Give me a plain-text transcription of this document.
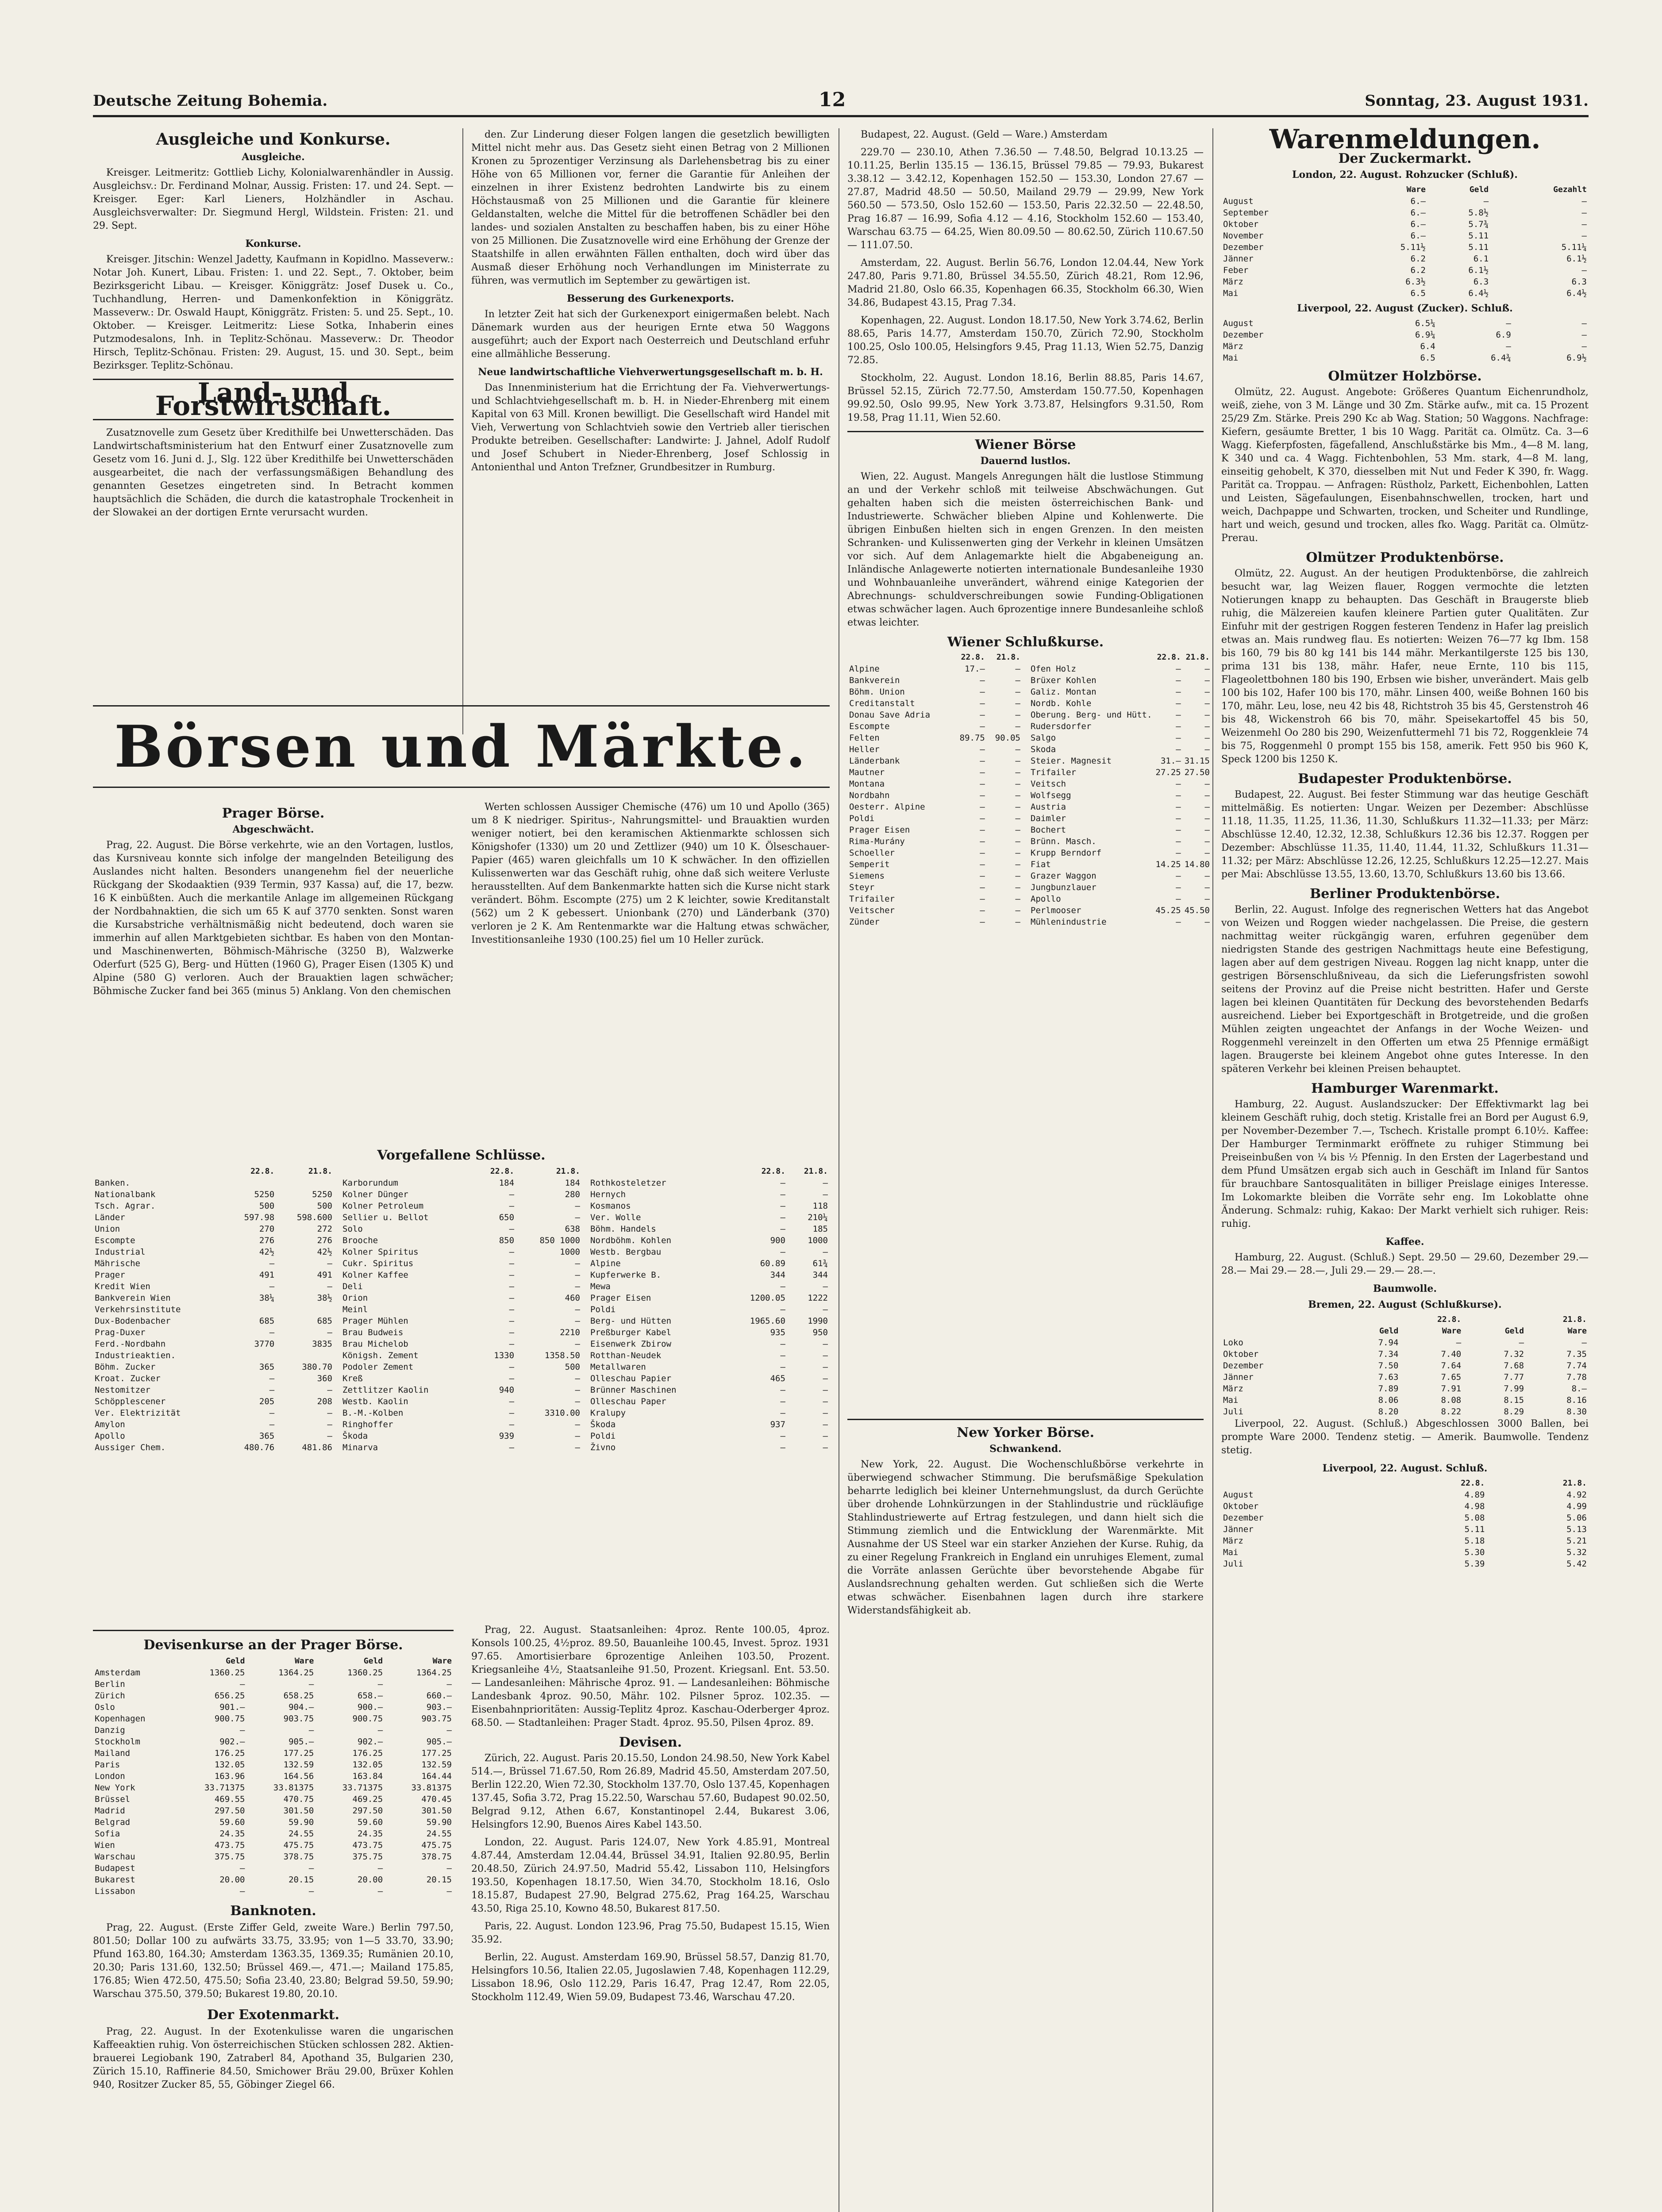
Deutsche Zeitung Bohemia.	12	Sonntag, 23. August 1931.
Ausgleiche und Konkurse.
Ausgleiche.

Kreisger. Leitmeritz: Gottlieb Lichy, Kolonialwarenhändler in Aussig. Ausgleichsv.: Dr. Ferdinand Molnar, Aussig. Fristen: 17. und 24. Sept. — Kreisger. Eger: Karl Lieners, Holzhändler in Aschau. Ausgleichsverwalter: Dr. Siegmund Hergl, Wildstein. Fristen: 21. und 29. Sept.

Konkurse.

Kreisger. Jitschin: Wenzel Jadetty, Kaufmann in Kopidlno. Masseverw.: Notar Joh. Kunert, Libau. Fristen: 1. und 22. Sept., 7. Oktober, beim Bezirksgericht Libau. — Kreisger. Königgrätz: Josef Dusek u. Co., Tuchhandlung, Herren- und Damenkonfektion in Königgrätz. Masseverw.: Dr. Oswald Haupt, Königgrätz. Fristen: 5. und 25. Sept., 10. Oktober. — Kreisger. Leitmeritz: Liese Sotka, Inhaberin eines Putzmodesalons, Inh. in Teplitz-Schönau. Masseverw.: Dr. Theodor Hirsch, Teplitz-Schönau. Fristen: 29. August, 15. und 30. Sept., beim Bezirksger. Teplitz-Schönau.

Land- und Forstwirtschaft.

Zusatznovelle zum Gesetz über Kredithilfe bei Unwetterschäden. Das Landwirtschaftsministerium hat den Entwurf einer Zusatznovelle zum Gesetz vom 16. Juni d. J., Slg. 122 über Kredithilfe bei Unwetterschäden ausgearbeitet, die nach der verfassungsmäßigen Behandlung des genannten Gesetzes eingetreten sind. In Betracht kommen hauptsächlich die Schäden, die durch die katastrophale Trockenheit in der Slowakei an der dortigen Ernte verursacht wurden.

den. Zur Linderung dieser Folgen langen die gesetzlich bewilligten Mittel nicht mehr aus. Das Gesetz sieht einen Betrag von 2 Millionen Kronen zu 5prozentiger Verzinsung als Darlehensbetrag bis zu einer Höhe von 65 Millionen vor, ferner die Garantie für Anleihen der einzelnen in ihrer Existenz bedrohten Landwirte bis zu einem Höchstausmaß von 25 Millionen und die Garantie für kleinere Geldanstalten, welche die Mittel für die betroffenen Schädler bei den landes- und sozialen Anstalten zu beschaffen haben, bis zu einer Höhe von 25 Millionen. Die Zusatznovelle wird eine Erhöhung der Grenze der Staatshilfe in allen erwähnten Fällen enthalten, doch wird über das Ausmaß dieser Erhöhung noch Verhandlungen im Ministerrate zu führen, was vermutlich im September zu gewärtigen ist.

Besserung des Gurkenexports.

In letzter Zeit hat sich der Gurkenexport einigermaßen belebt. Nach Dänemark wurden aus der heurigen Ernte etwa 50 Waggons ausgeführt; auch der Export nach Oesterreich und Deutschland erfuhr eine allmähliche Besserung.

Neue landwirtschaftliche Viehverwertungsgesellschaft m. b. H.

Das Innenministerium hat die Errichtung der Fa. Viehverwertungs- und Schlachtviehgesellschaft m. b. H. in Nieder-Ehrenberg mit einem Kapital von 63 Mill. Kronen bewilligt. Die Gesellschaft wird Handel mit Vieh, Verwertung von Schlachtvieh sowie den Vertrieb aller tierischen Produkte betreiben. Gesellschafter: Landwirte: J. Jahnel, Adolf Rudolf und Josef Schubert in Nieder-Ehrenberg, Josef Schlossig in Antonienthal und Anton Trefzner, Grundbesitzer in Rumburg.

Börsen und Märkte.
Prager Börse.
Abgeschwächt.

Prag, 22. August. Die Börse verkehrte, wie an den Vortagen, lustlos, das Kursniveau konnte sich infolge der mangelnden Beteiligung des Auslandes nicht halten. Besonders unangenehm fiel der neuerliche Rückgang der Skodaaktien (939 Termin, 937 Kassa) auf, die 17, bezw. 16 K einbüßten. Auch die merkantile Anlage im allgemeinen Rückgang der Nordbahnaktien, die sich um 65 K auf 3770 senkten. Sonst waren die Kursabstriche verhältnismäßig nicht bedeutend, doch waren sie immerhin auf allen Marktgebieten sichtbar. Es haben von den Montan- und Maschinenwerten, Böhmisch-Mährische (3250 B), Walzwerke Oderfurt (525 G), Berg- und Hütten (1960 G), Prager Eisen (1305 K) und Alpine (580 G) verloren. Auch der Brauaktien lagen schwächer; Böhmische Zucker fand bei 365 (minus 5) Anklang. Von den chemischen

Werten schlossen Aussiger Chemische (476) um 10 und Apollo (365) um 8 K niedriger. Spiritus-, Nahrungsmittel- und Brauaktien wurden weniger notiert, bei den keramischen Aktienmarkte schlossen sich Königshofer (1330) um 20 und Zettlizer (940) um 10 K. Ölseschauer-Papier (465) waren gleichfalls um 10 K schwächer. In den offiziellen Kulissenwerten war das Geschäft ruhig, ohne daß sich weitere Verluste herausstellten. Auf dem Bankenmarkte hatten sich die Kurse nicht stark verändert. Böhm. Escompte (275) um 2 K leichter, sowie Kreditanstalt (562) um 2 K gebessert. Unionbank (270) und Länderbank (370) verloren je 2 K. Am Rentenmarkte war die Haltung etwas schwächer, Investitionsanleihe 1930 (100.25) fiel um 10 Heller zurück.

Vorgefallene Schlüsse.
	22.8.	21.8.
Banken.		
Nationalbank	5250	5250
Tsch. Agrar.	500	500
Länder	597.98	598.600
Union	270	272
Escompte	276	276
Industrial	42½	42½
Mährische	—	—
Prager	491	491
Kredit Wien	—	—
Bankverein Wien	38¼	38½
Verkehrsinstitute		
Dux-Bodenbacher	685	685
Prag-Duxer	—	—
Ferd.-Nordbahn	3770	3835
Industrieaktien.		
Böhm. Zucker	365	380.70
Kroat. Zucker	—	360
Nestomitzer	—	—
Schöpplescener	205	208
Ver. Elektrizität	—	—
Amylon	—	—
Apollo	365	—
Aussiger Chem.	480.76	481.86
	22.8.	21.8.
Karborundum	184	184
Kolner Dünger	—	280
Kolner Petroleum	—	—
Sellier u. Bellot	650	—
Solo	—	638
Brooche	850	850 1000
Kolner Spiritus	—	1000
Cukr. Spiritus	—	—
Kolner Kaffee	—	—
Deli	—	—
Orion	—	460
Meinl	—	—
Prager Mühlen	—	—
Brau Budweis	—	2210
Brau Michelob	—	—
Königsh. Zement	1330	1358.50
Podoler Zement	—	500
Kreß	—	—
Zettlitzer Kaolin	940	—
Westb. Kaolin	—	—
B.-M.-Kolben	—	3310.00
Ringhoffer	—	—
Škoda	939	—
Minarva	—	—
	22.8.	21.8.
Rothkosteletzer	—	—
Hernych	—	—
Kosmanos	—	118
Ver. Wolle	—	210¼
Böhm. Handels	—	185
Nordböhm. Kohlen	900	1000
Westb. Bergbau	—	—
Alpine	60.89	61¾
Kupferwerke B.	344	344
Mewa	—	—
Prager Eisen	1200.05	1222
Poldi	—	—
Berg- und Hütten	1965.60	1990
Preßburger Kabel	935	950
Eisenwerk Zbirow	—	—
Rotthan-Neudek	—	—
Metallwaren	—	—
Olleschau Papier	465	—
Brünner Maschinen	—	—
Olleschau Paper	—	—
Kralupy	—	—
Škoda	937	—
Poldi	—	—
Živno	—	—
Devisenkurse an der Prager Börse.
	Geld	Ware	Geld	Ware
Amsterdam	1360.25	1364.25	1360.25	1364.25
Berlin	—	—	—	—
Zürich	656.25	658.25	658.—	660.—
Oslo	901.—	904.—	900.—	903.—
Kopenhagen	900.75	903.75	900.75	903.75
Danzig	—	—	—	—
Stockholm	902.—	905.—	902.—	905.—
Mailand	176.25	177.25	176.25	177.25
Paris	132.05	132.59	132.05	132.59
London	163.96	164.56	163.84	164.44
New York	33.71375	33.81375	33.71375	33.81375
Brüssel	469.55	470.75	469.25	470.45
Madrid	297.50	301.50	297.50	301.50
Belgrad	59.60	59.90	59.60	59.90
Sofia	24.35	24.55	24.35	24.55
Wien	473.75	475.75	473.75	475.75
Warschau	375.75	378.75	375.75	378.75
Budapest	—	—	—	—
Bukarest	20.00	20.15	20.00	20.15
Lissabon	—	—	—	—
Banknoten.

Prag, 22. August. (Erste Ziffer Geld, zweite Ware.) Berlin 797.50, 801.50; Dollar 100 zu aufwärts 33.75, 33.95; von 1—5 33.70, 33.90; Pfund 163.80, 164.30; Amsterdam 1363.35, 1369.35; Rumänien 20.10, 20.30; Paris 131.60, 132.50; Brüssel 469.—, 471.—; Mailand 175.85, 176.85; Wien 472.50, 475.50; Sofia 23.40, 23.80; Belgrad 59.50, 59.90; Warschau 375.50, 379.50; Bukarest 19.80, 20.10.

Der Exotenmarkt.

Prag, 22. August. In der Exotenkulisse waren die ungarischen Kaffeeaktien ruhig. Von österreichischen Stücken schlossen 282. Aktien-brauerei Legiobank 190, Zatraberl 84, Apothand 35, Bulgarien 230, Zürich 15.10, Raffinerie 84.50, Smichower Bräu 29.00, Brüxer Kohlen 940, Rositzer Zucker 85, 55, Göbinger Ziegel 66.

Prag, 22. August. Staatsanleihen: 4proz. Rente 100.05, 4proz. Konsols 100.25, 4½proz. 89.50, Bauanleihe 100.45, Invest. 5proz. 1931 97.65. Amortisierbare 6prozentige Anleihen 103.50, Prozent. Kriegsanleihe 4½, Staatsanleihe 91.50, Prozent. Kriegsanl. Ent. 53.50. — Landesanleihen: Mährische 4proz. 91. — Landesanleihen: Böhmische Landesbank 4proz. 90.50, Mähr. 102. Pilsner 5proz. 102.35. — Eisenbahnprioritäten: Aussig-Teplitz 4proz. Kaschau-Oderberger 4proz. 68.50. — Stadtanleihen: Prager Stadt. 4proz. 95.50, Pilsen 4proz. 89.

Devisen.

Zürich, 22. August. Paris 20.15.50, London 24.98.50, New York Kabel 514.—, Brüssel 71.67.50, Rom 26.89, Madrid 45.50, Amsterdam 207.50, Berlin 122.20, Wien 72.30, Stockholm 137.70, Oslo 137.45, Kopenhagen 137.45, Sofia 3.72, Prag 15.22.50, Warschau 57.60, Budapest 90.02.50, Belgrad 9.12, Athen 6.67, Konstantinopel 2.44, Bukarest 3.06, Helsingfors 12.90, Buenos Aires Kabel 143.50.

London, 22. August. Paris 124.07, New York 4.85.91, Montreal 4.87.44, Amsterdam 12.04.44, Brüssel 34.91, Italien 92.80.95, Berlin 20.48.50, Zürich 24.97.50, Madrid 55.42, Lissabon 110, Helsingfors 193.50, Kopenhagen 18.17.50, Wien 34.70, Stockholm 18.16, Oslo 18.15.87, Budapest 27.90, Belgrad 275.62, Prag 164.25, Warschau 43.50, Riga 25.10, Kowno 48.50, Bukarest 817.50.

Paris, 22. August. London 123.96, Prag 75.50, Budapest 15.15, Wien 35.92.

Berlin, 22. August. Amsterdam 169.90, Brüssel 58.57, Danzig 81.70, Helsingfors 10.56, Italien 22.05, Jugoslawien 7.48, Kopenhagen 112.29, Lissabon 18.96, Oslo 112.29, Paris 16.47, Prag 12.47, Rom 22.05, Stockholm 112.49, Wien 59.09, Budapest 73.46, Warschau 47.20.

Budapest, 22. August. (Geld — Ware.) Amsterdam

229.70 — 230.10, Athen 7.36.50 — 7.48.50, Belgrad 10.13.25 — 10.11.25, Berlin 135.15 — 136.15, Brüssel 79.85 — 79.93, Bukarest 3.38.12 — 3.42.12, Kopenhagen 152.50 — 153.30, London 27.67 — 27.87, Madrid 48.50 — 50.50, Mailand 29.79 — 29.99, New York 560.50 — 573.50, Oslo 152.60 — 153.50, Paris 22.32.50 — 22.48.50, Prag 16.87 — 16.99, Sofia 4.12 — 4.16, Stockholm 152.60 — 153.40, Warschau 63.75 — 64.25, Wien 80.09.50 — 80.62.50, Zürich 110.67.50 — 111.07.50.

Amsterdam, 22. August. Berlin 56.76, London 12.04.44, New York 247.80, Paris 9.71.80, Brüssel 34.55.50, Zürich 48.21, Rom 12.96, Madrid 21.80, Oslo 66.35, Kopenhagen 66.35, Stockholm 66.30, Wien 34.86, Budapest 43.15, Prag 7.34.

Kopenhagen, 22. August. London 18.17.50, New York 3.74.62, Berlin 88.65, Paris 14.77, Amsterdam 150.70, Zürich 72.90, Stockholm 100.25, Oslo 100.05, Helsingfors 9.45, Prag 11.13, Wien 52.75, Danzig 72.85.

Stockholm, 22. August. London 18.16, Berlin 88.85, Paris 14.67, Brüssel 52.15, Zürich 72.77.50, Amsterdam 150.77.50, Kopenhagen 99.92.50, Oslo 99.95, New York 3.73.87, Helsingfors 9.31.50, Rom 19.58, Prag 11.11, Wien 52.60.

Wiener Börse
Dauernd lustlos.

Wien, 22. August. Mangels Anregungen hält die lustlose Stimmung an und der Verkehr schloß mit teilweise Abschwächungen. Gut gehalten haben sich die meisten österreichischen Bank- und Industriewerte. Schwächer blieben Alpine und Kohlenwerte. Die übrigen Einbußen hielten sich in engen Grenzen. In den meisten Schranken- und Kulissenwerten ging der Verkehr in kleinen Umsätzen vor sich. Auf dem Anlagemarkte hielt die Abgabeneigung an. Inländische Anlagewerte notierten internationale Bundesanleihe 1930 und Wohnbauanleihe unverändert, während einige Kategorien der Abrechnungs- schuldverschreibungen sowie Funding-Obligationen etwas schwächer lagen. Auch 6prozentige innere Bundesanleihe schloß etwas leichter.

Wiener Schlußkurse.
	22.8.	21.8.
Alpine	17.—	—
Bankverein	—	—
Böhm. Union	—	—
Creditanstalt	—	—
Donau Save Adria	—	—
Escompte	—	—
Felten	89.75	90.05
Heller	—	—
Länderbank	—	—
Mautner	—	—
Montana	—	—
Nordbahn	—	—
Oesterr. Alpine	—	—
Poldi	—	—
Prager Eisen	—	—
Rima-Murány	—	—
Schoeller	—	—
Semperit	—	—
Siemens	—	—
Steyr	—	—
Trifailer	—	—
Veitscher	—	—
Zünder	—	—
	22.8.	21.8.
Ofen Holz	—	—
Brüxer Kohlen	—	—
Galiz. Montan	—	—
Nordb. Kohle	—	—
Oberung. Berg- und Hütt.	—	—
Rudersdorfer	—	—
Salgo	—	—
Skoda	—	—
Steier. Magnesit	31.—	31.15
Trifailer	27.25	27.50
Veitsch	—	—
Wolfsegg	—	—
Austria	—	—
Daimler	—	—
Bochert	—	—
Brünn. Masch.	—	—
Krupp Berndorf	—	—
Fiat	14.25	14.80
Grazer Waggon	—	—
Jungbunzlauer	—	—
Apollo	—	—
Perlmooser	45.25	45.50
Mühlenindustrie	—	—
New Yorker Börse.
Schwankend.

New York, 22. August. Die Wochenschlußbörse verkehrte in überwiegend schwacher Stimmung. Die berufsmäßige Spekulation beharrte lediglich bei kleiner Unternehmungslust, da durch Gerüchte über drohende Lohnkürzungen in der Stahlindustrie und rückläufige Stahlindustriewerte auf Ertrag festzulegen, und dann hielt sich die Stimmung ziemlich und die Entwicklung der Warenmärkte. Mit Ausnahme der US Steel war ein starker Anziehen der Kurse. Ruhig, da zu einer Regelung Frankreich in England ein unruhiges Element, zumal die Vorräte anlassen Gerüchte über bevorstehende Abgabe für Auslandsrechnung gehalten werden. Gut schließen sich die Werte etwas schwächer. Eisenbahnen lagen durch ihre starkere Widerstandsfähigkeit ab.

Warenmeldungen.
Der Zuckermarkt.
London, 22. August. Rohzucker (Schluß).
	Ware	Geld	Gezahlt
August	6.—	—	—
September	6.—	5.8½	—
Oktober	6.—	5.7¾	—
November	6.—	5.11	—
Dezember	5.11½	5.11	5.11¼
Jänner	6.2	6.1	6.1½
Feber	6.2	6.1½	—
März	6.3½	6.3	6.3
Mai	6.5	6.4½	6.4½
Liverpool, 22. August (Zucker). Schluß.
August	6.5¼	—	—
Dezember	6.9¼	6.9	—
März	6.4	—	—
Mai	6.5	6.4¾	6.9½
Olmützer Holzbörse.

Olmütz, 22. August. Angebote: Größeres Quantum Eichenrundholz, weiß, ziehe, von 3 M. Länge und 30 Zm. Stärke aufw., mit ca. 15 Prozent 25/29 Zm. Stärke. Preis 290 Kc ab Wag. Station; 50 Waggons. Nachfrage: Kiefern, gesäumte Bretter, 1 bis 10 Wagg. Parität ca. Olmütz. Ca. 3—6 Wagg. Kieferpfosten, fägefallend, Anschlußstärke bis Mm., 4—8 M. lang, K 340 und ca. 4 Wagg. Fichtenbohlen, 53 Mm. stark, 4—8 M. lang, einseitig gehobelt, K 370, diesselben mit Nut und Feder K 390, fr. Wagg. Parität ca. Troppau. — Anfragen: Rüstholz, Parkett, Eichenbohlen, Latten und Leisten, Sägefaulungen, Eisenbahnschwellen, trocken, hart und weich, Dachpappe und Schwarten, trocken, und Scheiter und Rundlinge, hart und weich, gesund und trocken, alles fko. Wagg. Parität ca. Olmütz-Prerau.

Olmützer Produktenbörse.

Olmütz, 22. August. An der heutigen Produktenbörse, die zahlreich besucht war, lag Weizen flauer, Roggen vermochte die letzten Notierungen knapp zu behaupten. Das Geschäft in Braugerste blieb ruhig, die Mälzereien kaufen kleinere Partien guter Qualitäten. Zur Einfuhr mit der gestrigen Roggen festeren Tendenz in Hafer lag preislich etwas an. Mais rundweg flau. Es notierten: Weizen 76—77 kg Ibm. 158 bis 160, 79 bis 80 kg 141 bis 144 mähr. Merkantilgerste 125 bis 130, prima 131 bis 138, mähr. Hafer, neue Ernte, 110 bis 115, Flageolettbohnen 180 bis 190, Erbsen wie bisher, unverändert. Mais gelb 100 bis 102, Hafer 100 bis 170, mähr. Linsen 400, weiße Bohnen 160 bis 170, mähr. Leu, lose, neu 42 bis 48, Richtstroh 35 bis 45, Gerstenstroh 46 bis 48, Wickenstroh 66 bis 70, mähr. Speisekartoffel 45 bis 50, Weizenmehl Oo 280 bis 290, Weizenfuttermehl 71 bis 72, Roggenkleie 74 bis 75, Roggenmehl 0 prompt 155 bis 158, amerik. Fett 950 bis 960 K, Speck 1200 bis 1250 K.

Budapester Produktenbörse.

Budapest, 22. August. Bei fester Stimmung war das heutige Geschäft mittelmäßig. Es notierten: Ungar. Weizen per Dezember: Abschlüsse 11.18, 11.35, 11.25, 11.36, 11.30, Schlußkurs 11.32—11.33; per März: Abschlüsse 12.40, 12.32, 12.38, Schlußkurs 12.36 bis 12.37. Roggen per Dezember: Abschlüsse 11.35, 11.40, 11.44, 11.32, Schlußkurs 11.31—11.32; per März: Abschlüsse 12.26, 12.25, Schlußkurs 12.25—12.27. Mais per Mai: Abschlüsse 13.55, 13.60, 13.70, Schlußkurs 13.60 bis 13.66.

Berliner Produktenbörse.

Berlin, 22. August. Infolge des regnerischen Wetters hat das Angebot von Weizen und Roggen wieder nachgelassen. Die Preise, die gestern nachmittag weiter rückgängig waren, erfuhren gegenüber dem niedrigsten Stande des gestrigen Nachmittags heute eine Befestigung, lagen aber auf dem gestrigen Niveau. Roggen lag nicht knapp, unter die gestrigen Börsenschlußniveau, da sich die Lieferungsfristen sowohl seitens der Provinz auf die Preise nicht bestritten. Hafer und Gerste lagen bei kleinen Quantitäten für Deckung des bevorstehenden Bedarfs ausreichend. Lieber bei Exportgeschäft in Brotgetreide, und die großen Mühlen zeigten ungeachtet der Anfangs in der Woche Weizen- und Roggenmehl vereinzelt in den Offerten um etwa 25 Pfennige ermäßigt lagen. Braugerste bei kleinem Angebot ohne gutes Interesse. In den späteren Verkehr bei kleinen Preisen behauptet.

Hamburger Warenmarkt.

Hamburg, 22. August. Auslandszucker: Der Effektivmarkt lag bei kleinem Geschäft ruhig, doch stetig. Kristalle frei an Bord per August 6.9, per November-Dezember 7.—, Tschech. Kristalle prompt 6.10½. Kaffee: Der Hamburger Terminmarkt eröffnete zu ruhiger Stimmung bei Preiseinbußen von ¼ bis ½ Pfennig. In den Ersten der Lagerbestand und dem Pfund Umsätzen ergab sich auch in Geschäft im Inland für Santos für brauchbare Santosqualitäten in billiger Preislage einiges Interesse. Im Lokomarkte bleiben die Vorräte sehr eng. Im Lokoblatte ohne Änderung. Schmalz: ruhig, Kakao: Der Markt verhielt sich ruhiger. Reis: ruhig.

Kaffee.

Hamburg, 22. August. (Schluß.) Sept. 29.50 — 29.60, Dezember 29.— 28.— Mai 29.— 28.—, Juli 29.— 29.— 28.—.

Baumwolle.
Bremen, 22. August (Schlußkurse).
	22.8.		21.8.	
	Geld	Ware	Geld	Ware
Loko	7.94	—	—	—
Oktober	7.34	7.40	7.32	7.35
Dezember	7.50	7.64	7.68	7.74
Jänner	7.63	7.65	7.77	7.78
März	7.89	7.91	7.99	8.—
Mai	8.06	8.08	8.15	8.16
Juli	8.20	8.22	8.29	8.30

Liverpool, 22. August. (Schluß.) Abgeschlossen 3000 Ballen, bei prompte Ware 2000. Tendenz stetig. — Amerik. Baumwolle. Tendenz stetig.

Liverpool, 22. August. Schluß.
	22.8.	21.8.
August	4.89	4.92
Oktober	4.98	4.99
Dezember	5.08	5.06
Jänner	5.11	5.13
März	5.18	5.21
Mai	5.30	5.32
Juli	5.39	5.42
